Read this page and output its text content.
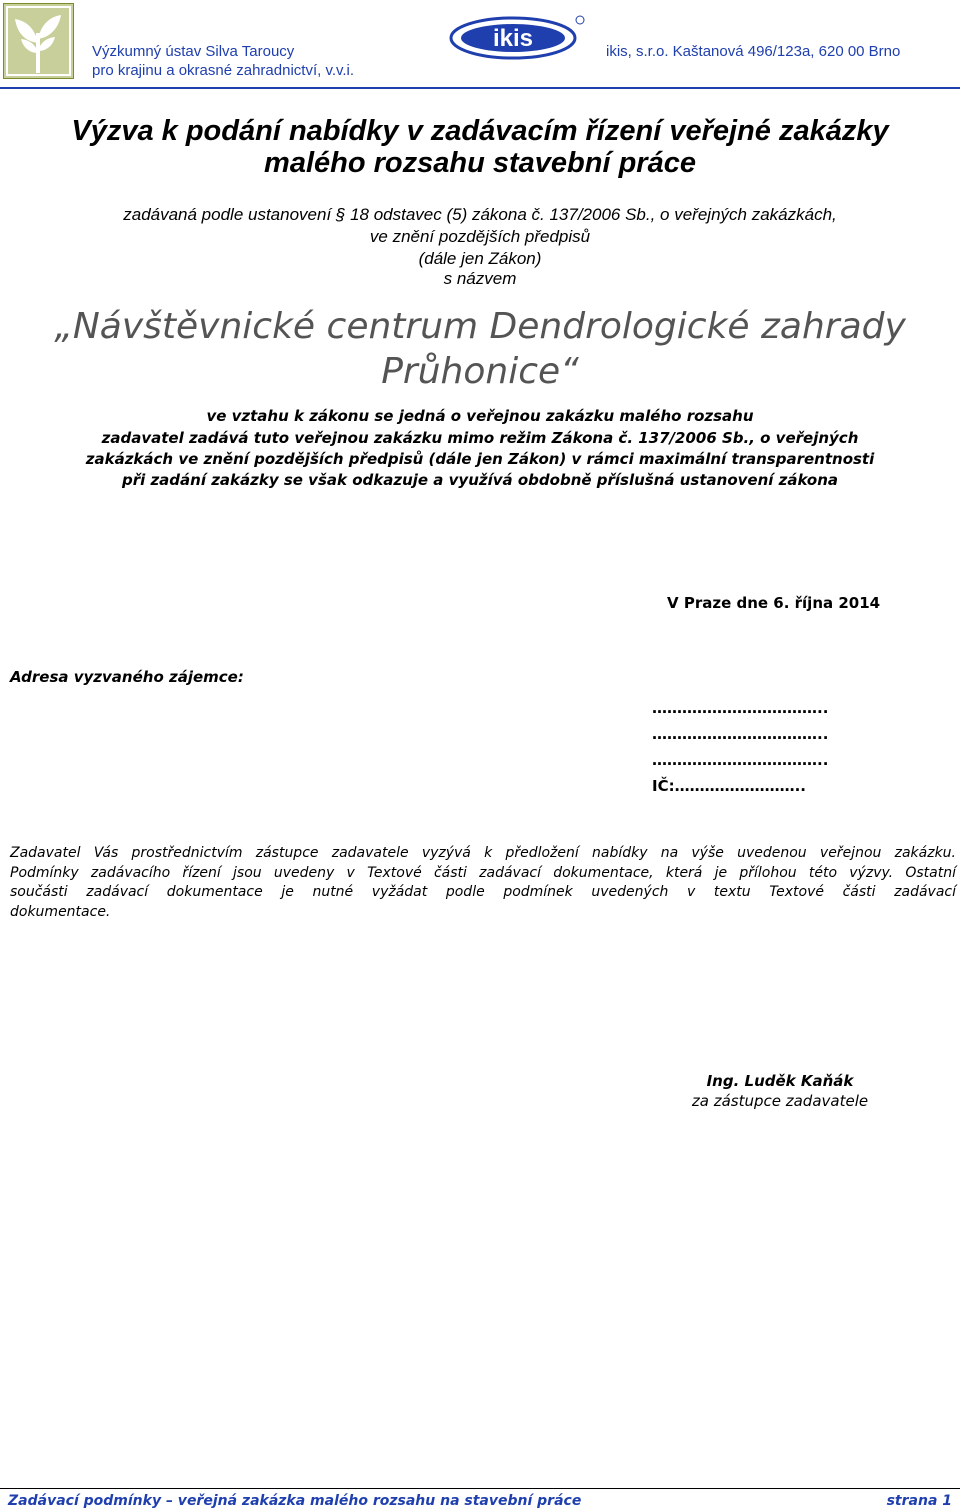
Výzkumný ústav Silva Taroucy
pro krajinu a okrasné zahradnictví, v.v.i.
ikis	ikis, s.r.o. Kaštanová 496/123a, 620 00 Brno
Výzva k podání nabídky v zadávacím řízení veřejné zakázky
malého rozsahu stavební práce
zadávaná podle ustanovení § 18 odstavec (5) zákona č. 137/2006 Sb., o veřejných zakázkách,
ve znění pozdějších předpisů
(dále jen Zákon)
s názvem
„Návštěvnické centrum Dendrologické zahrady
Průhonice“
ve vztahu k zákonu se jedná o veřejnou zakázku malého rozsahu
zadavatel zadává tuto veřejnou zakázku mimo režim Zákona č. 137/2006 Sb., o veřejných
zakázkách ve znění pozdějších předpisů (dále jen Zákon) v rámci maximální transparentnosti
při zadání zakázky se však odkazuje a využívá obdobně příslušná ustanovení zákona
V Praze dne 6. října 2014
Adresa vyzvaného zájemce:
……………………………..
……………………………..
……………………………..
IČ:……………………..
Zadavatel Vás prostřednictvím zástupce zadavatele vyzývá k předložení nabídky na výše uvedenou veřejnou zakázku.
Podmínky zadávacího řízení jsou uvedeny v Textové části zadávací dokumentace, která je přílohou této výzvy. Ostatní
součásti zadávací dokumentace je nutné vyžádat podle podmínek uvedených v textu Textové části zadávací
dokumentace.
Ing. Luděk Kaňák
za zástupce zadavatele
Zadávací podmínky – veřejná zakázka malého rozsahu na stavební práce	strana 1
